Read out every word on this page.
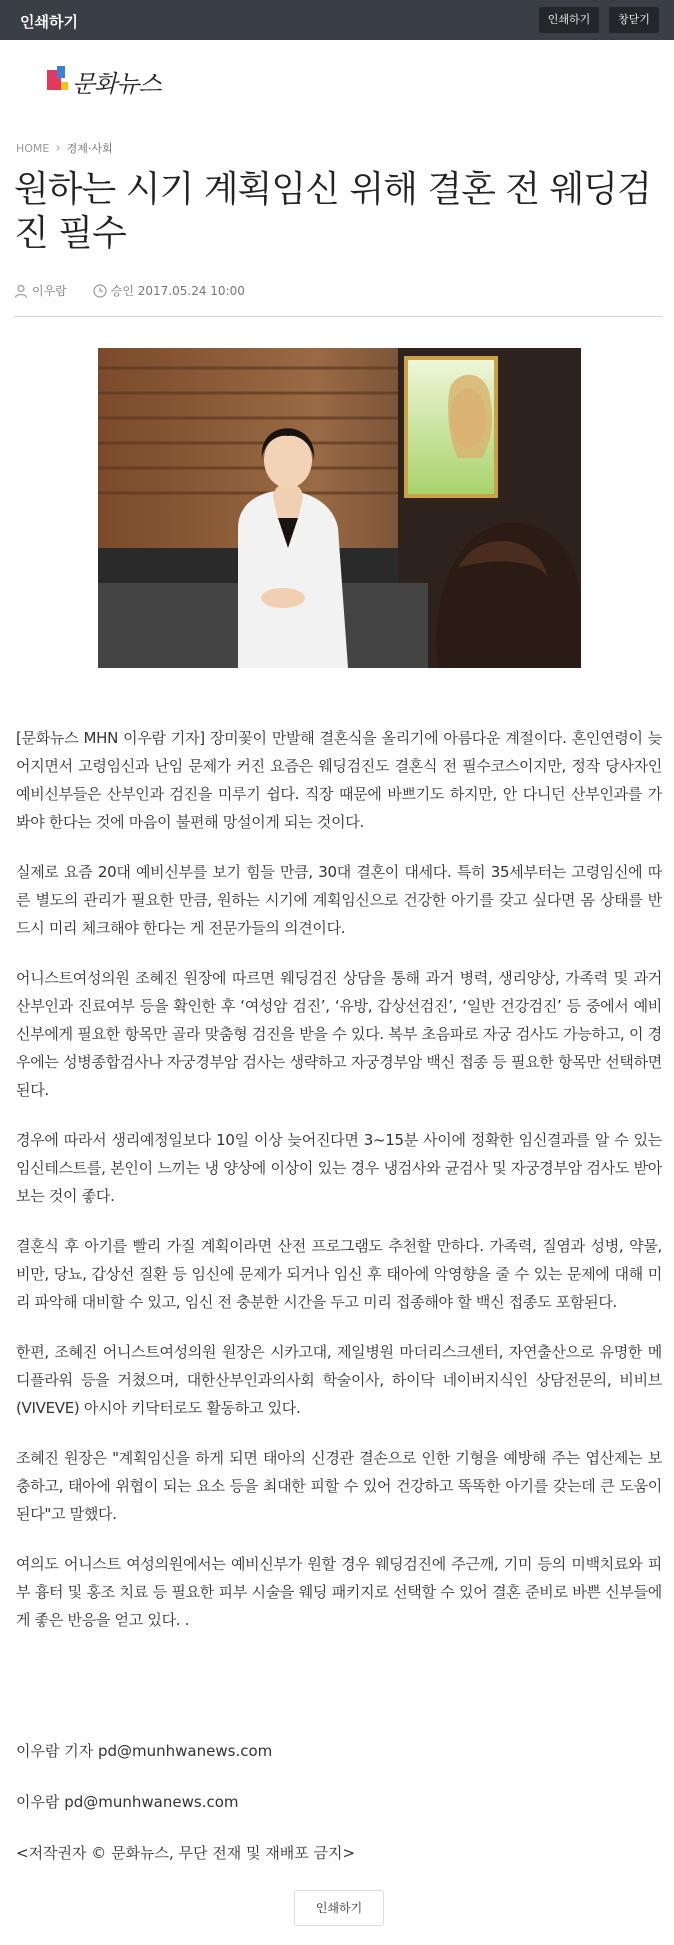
인쇄하기	인쇄하기	창닫기
문화뉴스
HOME › 경제·사회
원하는 시기 계획임신 위해 결혼 전 웨딩검진 필수
이우람	승인 2017.05.24 10:00

[문화뉴스 MHN 이우람 기자] 장미꽃이 만발해 결혼식을 올리기에 아름다운 계절이다. 혼인연령이 늦어지면서 고령임신과 난임 문제가 커진 요즘은 웨딩검진도 결혼식 전 필수코스이지만, 정작 당사자인 예비신부들은 산부인과 검진을 미루기 쉽다. 직장 때문에 바쁘기도 하지만, 안 다니던 산부인과를 가 봐야 한다는 것에 마음이 불편해 망설이게 되는 것이다.

실제로 요즘 20대 예비신부를 보기 힘들 만큼, 30대 결혼이 대세다. 특히 35세부터는 고령임신에 따른 별도의 관리가 필요한 만큼, 원하는 시기에 계획임신으로 건강한 아기를 갖고 싶다면 몸 상태를 반드시 미리 체크해야 한다는 게 전문가들의 의견이다.

어니스트여성의원 조혜진 원장에 따르면 웨딩검진 상담을 통해 과거 병력, 생리양상, 가족력 및 과거 산부인과 진료여부 등을 확인한 후 ‘여성암 검진’, ‘유방, 갑상선검진’, ‘일반 건강검진’ 등 중에서 예비신부에게 필요한 항목만 골라 맞춤형 검진을 받을 수 있다. 복부 초음파로 자궁 검사도 가능하고, 이 경우에는 성병종합검사나 자궁경부암 검사는 생략하고 자궁경부암 백신 접종 등 필요한 항목만 선택하면 된다.

경우에 따라서 생리예정일보다 10일 이상 늦어진다면 3~15분 사이에 정확한 임신결과를 알 수 있는 임신테스트를, 본인이 느끼는 냉 양상에 이상이 있는 경우 냉검사와 균검사 및 자궁경부암 검사도 받아보는 것이 좋다.

결혼식 후 아기를 빨리 가질 계획이라면 산전 프로그램도 추천할 만하다. 가족력, 질염과 성병, 약물, 비만, 당뇨, 갑상선 질환 등 임신에 문제가 되거나 임신 후 태아에 악영향을 줄 수 있는 문제에 대해 미리 파악해 대비할 수 있고, 임신 전 충분한 시간을 두고 미리 접종해야 할 백신 접종도 포함된다.

한편, 조혜진 어니스트여성의원 원장은 시카고대, 제일병원 마더리스크센터, 자연출산으로 유명한 메디플라워 등을 거쳤으며, 대한산부인과의사회 학술이사, 하이닥 네이버지식인 상담전문의, 비비브(VIVEVE) 아시아 키닥터로도 활동하고 있다.

조혜진 원장은 "계획임신을 하게 되면 태아의 신경관 결손으로 인한 기형을 예방해 주는 엽산제는 보충하고, 태아에 위협이 되는 요소 등을 최대한 피할 수 있어 건강하고 똑똑한 아기를 갖는데 큰 도움이 된다"고 말했다.

여의도 어니스트 여성의원에서는 예비신부가 원할 경우 웨딩검진에 주근깨, 기미 등의 미백치료와 피부 흉터 및 홍조 치료 등 필요한 피부 시술을 웨딩 패키지로 선택할 수 있어 결혼 준비로 바쁜 신부들에게 좋은 반응을 얻고 있다. .

이우람 기자 pd@munhwanews.com
이우람 pd@munhwanews.com
<저작권자 © 문화뉴스, 무단 전재 및 재배포 금지>
인쇄하기
